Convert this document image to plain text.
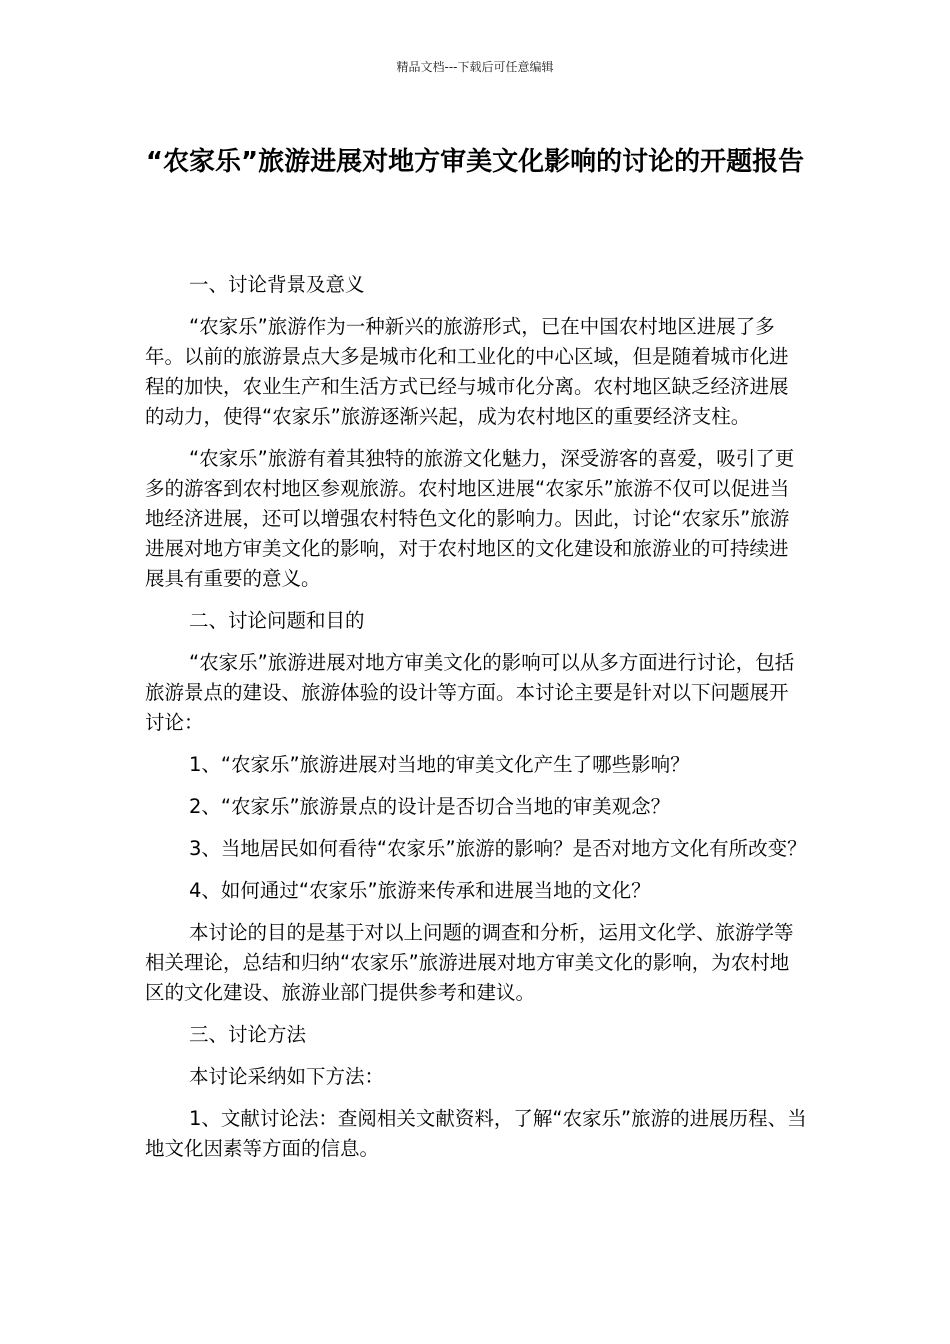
精品文档---下载后可任意编辑
“农家乐”旅游进展对地方审美文化影响的讨论的开题报告

一、讨论背景及意义

“农家乐”旅游作为一种新兴的旅游形式，已在中国农村地区进展了多年。以前的旅游景点大多是城市化和工业化的中心区域，但是随着城市化进程的加快，农业生产和生活方式已经与城市化分离。农村地区缺乏经济进展的动力，使得“农家乐”旅游逐渐兴起，成为农村地区的重要经济支柱。

“农家乐”旅游有着其独特的旅游文化魅力，深受游客的喜爱，吸引了更多的游客到农村地区参观旅游。农村地区进展“农家乐”旅游不仅可以促进当地经济进展，还可以增强农村特色文化的影响力。因此，讨论“农家乐”旅游进展对地方审美文化的影响，对于农村地区的文化建设和旅游业的可持续进展具有重要的意义。

二、讨论问题和目的

“农家乐”旅游进展对地方审美文化的影响可以从多方面进行讨论，包括旅游景点的建设、旅游体验的设计等方面。本讨论主要是针对以下问题展开讨论：

1、“农家乐”旅游进展对当地的审美文化产生了哪些影响？

2、“农家乐”旅游景点的设计是否切合当地的审美观念？

3、当地居民如何看待“农家乐”旅游的影响？是否对地方文化有所改变？

4、如何通过“农家乐”旅游来传承和进展当地的文化？

本讨论的目的是基于对以上问题的调查和分析，运用文化学、旅游学等相关理论，总结和归纳“农家乐”旅游进展对地方审美文化的影响，为农村地区的文化建设、旅游业部门提供参考和建议。

三、讨论方法

本讨论采纳如下方法：

1、文献讨论法：查阅相关文献资料，了解“农家乐”旅游的进展历程、当地文化因素等方面的信息。
